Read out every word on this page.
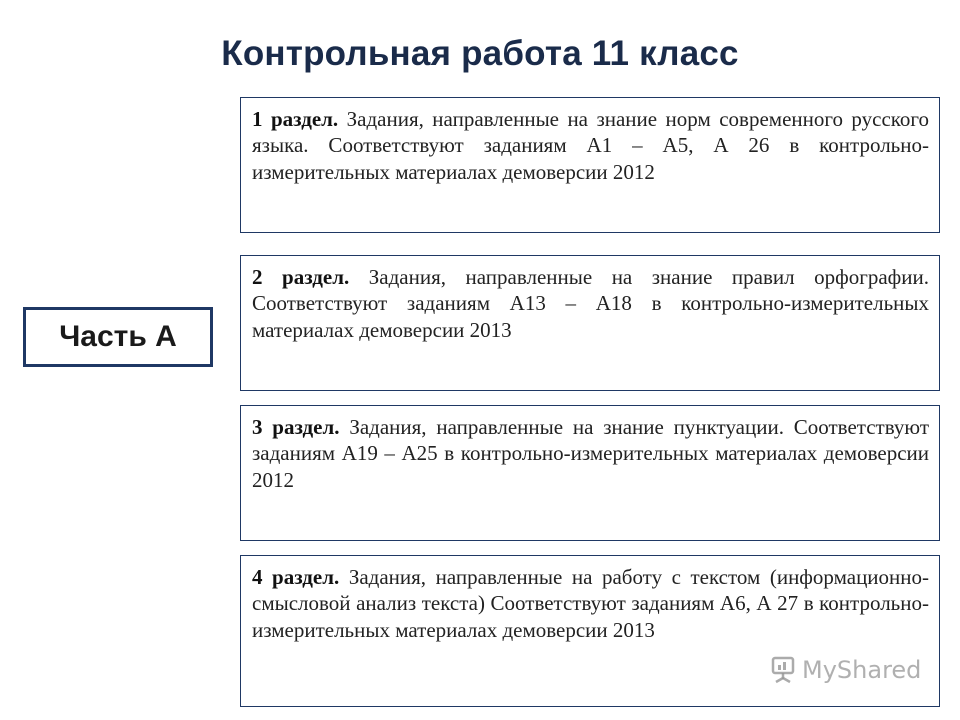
Контрольная работа 11 класс
Часть А
1 раздел. Задания, направленные на знание норм современного русского языка. Соответствуют заданиям А1 – А5, А 26 в контрольно-измерительных материалах демоверсии 2012
2 раздел. Задания, направленные на знание правил орфографии. Соответствуют заданиям А13 – А18 в контрольно-измерительных материалах демоверсии 2013
3 раздел. Задания, направленные на знание пунктуации. Соответствуют заданиям А19 – А25 в контрольно-измерительных материалах демоверсии 2012
4 раздел. Задания, направленные на работу с текстом (информационно-смысловой анализ текста) Соответствуют заданиям А6, А 27 в контрольно-измерительных материалах демоверсии 2013
MyShared
